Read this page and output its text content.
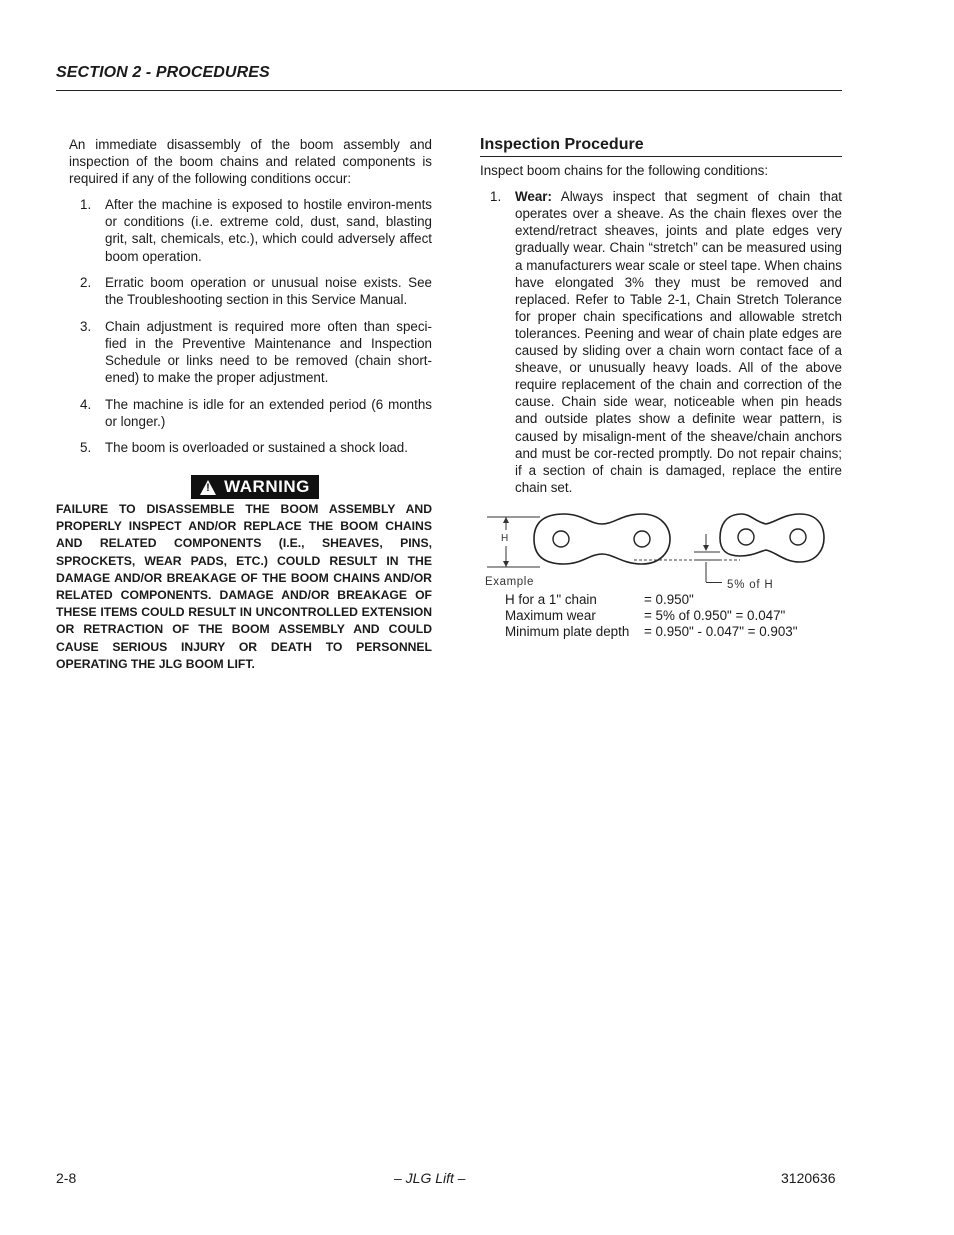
SECTION 2 - PROCEDURES

An immediate disassembly of the boom assembly and inspection of the boom chains and related components is required if any of the following conditions occur:

1.	After the machine is exposed to hostile environ-ments or conditions (i.e. extreme cold, dust, sand, blasting grit, salt, chemicals, etc.), which could adversely affect boom operation.
2.	Erratic boom operation or unusual noise exists. See the Troubleshooting section in this Service Manual.
3.	Chain adjustment is required more often than speci-fied in the Preventive Maintenance and Inspection Schedule or links need to be removed (chain short-ened) to make the proper adjustment.
4.	The machine is idle for an extended period (6 months or longer.)
5.	The boom is overloaded or sustained a shock load.
! WARNING

FAILURE TO DISASSEMBLE THE BOOM ASSEMBLY AND PROPERLY INSPECT AND/OR REPLACE THE BOOM CHAINS AND RELATED COMPONENTS (I.E., SHEAVES, PINS, SPROCKETS, WEAR PADS, ETC.) COULD RESULT IN THE DAMAGE AND/OR BREAKAGE OF THE BOOM CHAINS AND/OR RELATED COMPONENTS. DAMAGE AND/OR BREAKAGE OF THESE ITEMS COULD RESULT IN UNCONTROLLED EXTENSION OR RETRACTION OF THE BOOM ASSEMBLY AND COULD CAUSE SERIOUS INJURY OR DEATH TO PERSONNEL OPERATING THE JLG BOOM LIFT.

Inspection Procedure

Inspect boom chains for the following conditions:

1.	Wear: Always inspect that segment of chain that operates over a sheave. As the chain flexes over the extend/retract sheaves, joints and plate edges very gradually wear. Chain “stretch” can be measured using a manufacturers wear scale or steel tape. When chains have elongated 3% they must be removed and replaced. Refer to Table 2-1, Chain Stretch Tolerance for proper chain specifications and allowable stretch tolerances. Peening and wear of chain plate edges are caused by sliding over a chain worn contact face of a sheave, or unusually heavy loads. All of the above require replacement of the chain and correction of the cause. Chain side wear, noticeable when pin heads and outside plates show a definite wear pattern, is caused by misalign-ment of the sheave/chain anchors and must be cor-rected promptly. Do not repair chains; if a section of chain is damaged, replace the entire chain set.
H
Example	5% of H
H for a 1" chain	= 0.950"
Maximum wear	= 5% of 0.950" = 0.047"
Minimum plate depth	= 0.950" - 0.047" = 0.903"
2-8	– JLG Lift –	3120636
